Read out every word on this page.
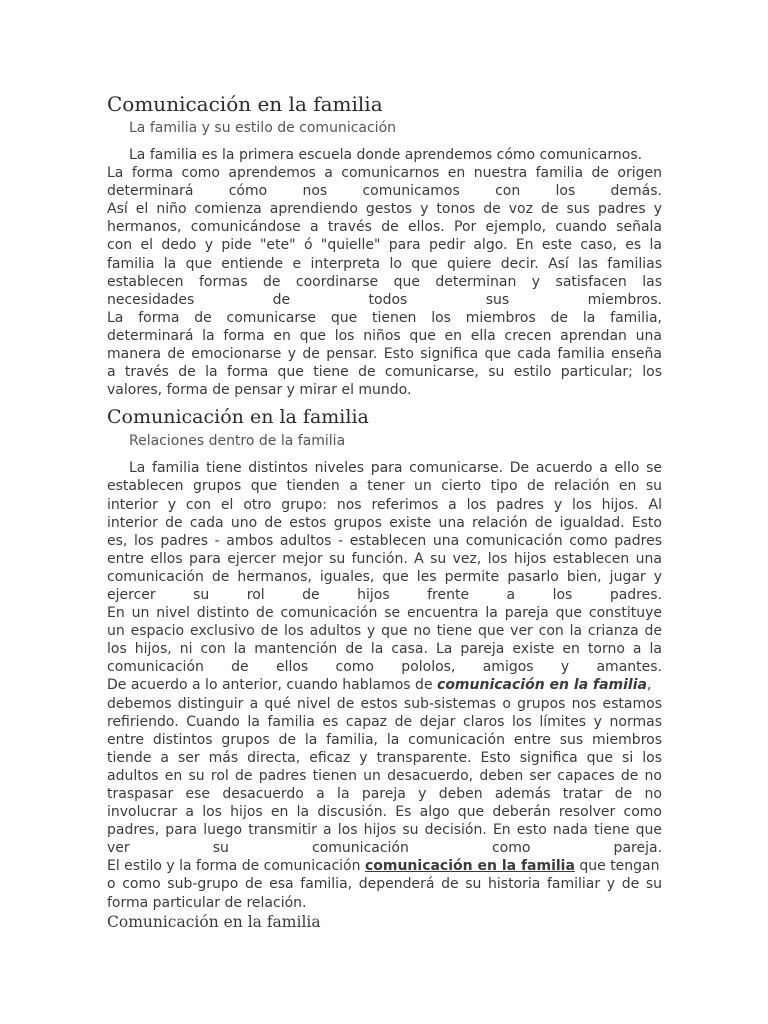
Comunicación en la familia

La familia y su estilo de comunicación

La familia es la primera escuela donde aprendemos cómo comunicarnos.
La forma como aprendemos a comunicarnos en nuestra familia de origen
determinará cómo nos comunicamos con los demás.
Así el niño comienza aprendiendo gestos y tonos de voz de sus padres y
hermanos, comunicándose a través de ellos. Por ejemplo, cuando señala
con el dedo y pide "ete" ó "quielle" para pedir algo. En este caso, es la
familia la que entiende e interpreta lo que quiere decir. Así las familias
establecen formas de coordinarse que determinan y satisfacen las
necesidades de todos sus miembros.
La forma de comunicarse que tienen los miembros de la familia,
determinará la forma en que los niños que en ella crecen aprendan una
manera de emocionarse y de pensar. Esto significa que cada familia enseña
a través de la forma que tiene de comunicarse, su estilo particular; los
valores, forma de pensar y mirar el mundo.
Comunicación en la familia

Relaciones dentro de la familia

La familia tiene distintos niveles para comunicarse. De acuerdo a ello se
establecen grupos que tienden a tener un cierto tipo de relación en su
interior y con el otro grupo: nos referimos a los padres y los hijos. Al
interior de cada uno de estos grupos existe una relación de igualdad. Esto
es, los padres - ambos adultos - establecen una comunicación como padres
entre ellos para ejercer mejor su función. A su vez, los hijos establecen una
comunicación de hermanos, iguales, que les permite pasarlo bien, jugar y
ejercer su rol de hijos frente a los padres.
En un nivel distinto de comunicación se encuentra la pareja que constituye
un espacio exclusivo de los adultos y que no tiene que ver con la crianza de
los hijos, ni con la mantención de la casa. La pareja existe en torno a la
comunicación de ellos como pololos, amigos y amantes.
De acuerdo a lo anterior, cuando hablamos de comunicación en la familia,
debemos distinguir a qué nivel de estos sub-sistemas o grupos nos estamos
refiriendo. Cuando la familia es capaz de dejar claros los límites y normas
entre distintos grupos de la familia, la comunicación entre sus miembros
tiende a ser más directa, eficaz y transparente. Esto significa que si los
adultos en su rol de padres tienen un desacuerdo, deben ser capaces de no
traspasar ese desacuerdo a la pareja y deben además tratar de no
involucrar a los hijos en la discusión. Es algo que deberán resolver como
padres, para luego transmitir a los hijos su decisión. En esto nada tiene que
ver su comunicación como pareja.
El estilo y la forma de comunicación comunicación en la familia que tengan
o como sub-grupo de esa familia, dependerá de su historia familiar y de su
forma particular de relación.
Comunicación en la familia
